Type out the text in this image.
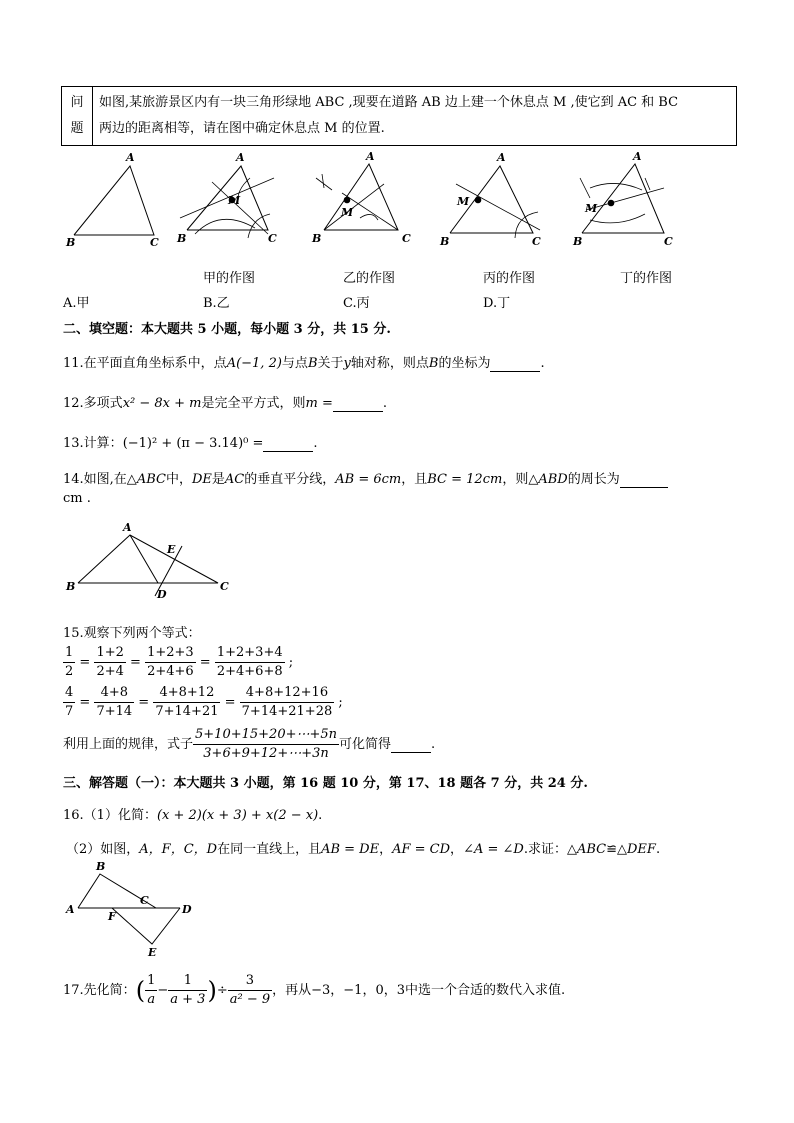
问
题	如图,某旅游景区内有一块三角形绿地 ABC ,现要在道路 AB 边上建一个休息点 M ,使它到 AC 和 BC
两边的距离相等，请在图中确定休息点 M 的位置.
A
B	C
A
B	C
M
A
B	C
M
A
B	C
M
A
B	C
M
甲的作图	乙的作图	丙的作图	丁的作图
A.甲	B.乙	C.丙	D.丁
二、填空题：本大题共 5 小题，每小题 3 分，共 15 分.
11.在平面直角坐标系中，点A(−1, 2)与点B关于y轴对称，则点B的坐标为	.
12.多项式x² − 8x + m是完全平方式，则m =	.
13.计算：(−1)² + (π − 3.14)⁰ =	.
14.如图,在△ABC中，DE是AC的垂直平分线，AB = 6cm，且BC = 12cm，则△ABD的周长为
cm .
A
B	C
D
E
15.观察下列两个等式：
$\frac{1}{2} = \frac{1+2}{2+4} = \frac{1+2+3}{2+4+6} = \frac{1+2+3+4}{2+4+6+8}$ ;
$\frac{4}{7} = \frac{4+8}{7+14} = \frac{4+8+12}{7+14+21} = \frac{4+8+12+16}{7+14+21+28}$ ;
利用上面的规律，式子 $\frac{5+10+15+20+\cdots+5n}{3+6+9+12+\cdots+3n}$ 可化简得	.
三、解答题（一）：本大题共 3 小题，第 16 题 10 分，第 17、18 题各 7 分，共 24 分.
16.（1）化简：(x + 2)(x + 3) + x(2 − x).
（2）如图，A，F，C，D在同一直线上，且AB = DE，AF = CD，∠A = ∠D.求证：△ABC≌△DEF.
B
A
C
D
F
E
17.先化简：( $\frac{1}{a} - \frac{1}{a + 3}$ )÷ $\frac{3}{\text{a² − 9}}$ ，再从−3，−1，0，3中选一个合适的数代入求值.
